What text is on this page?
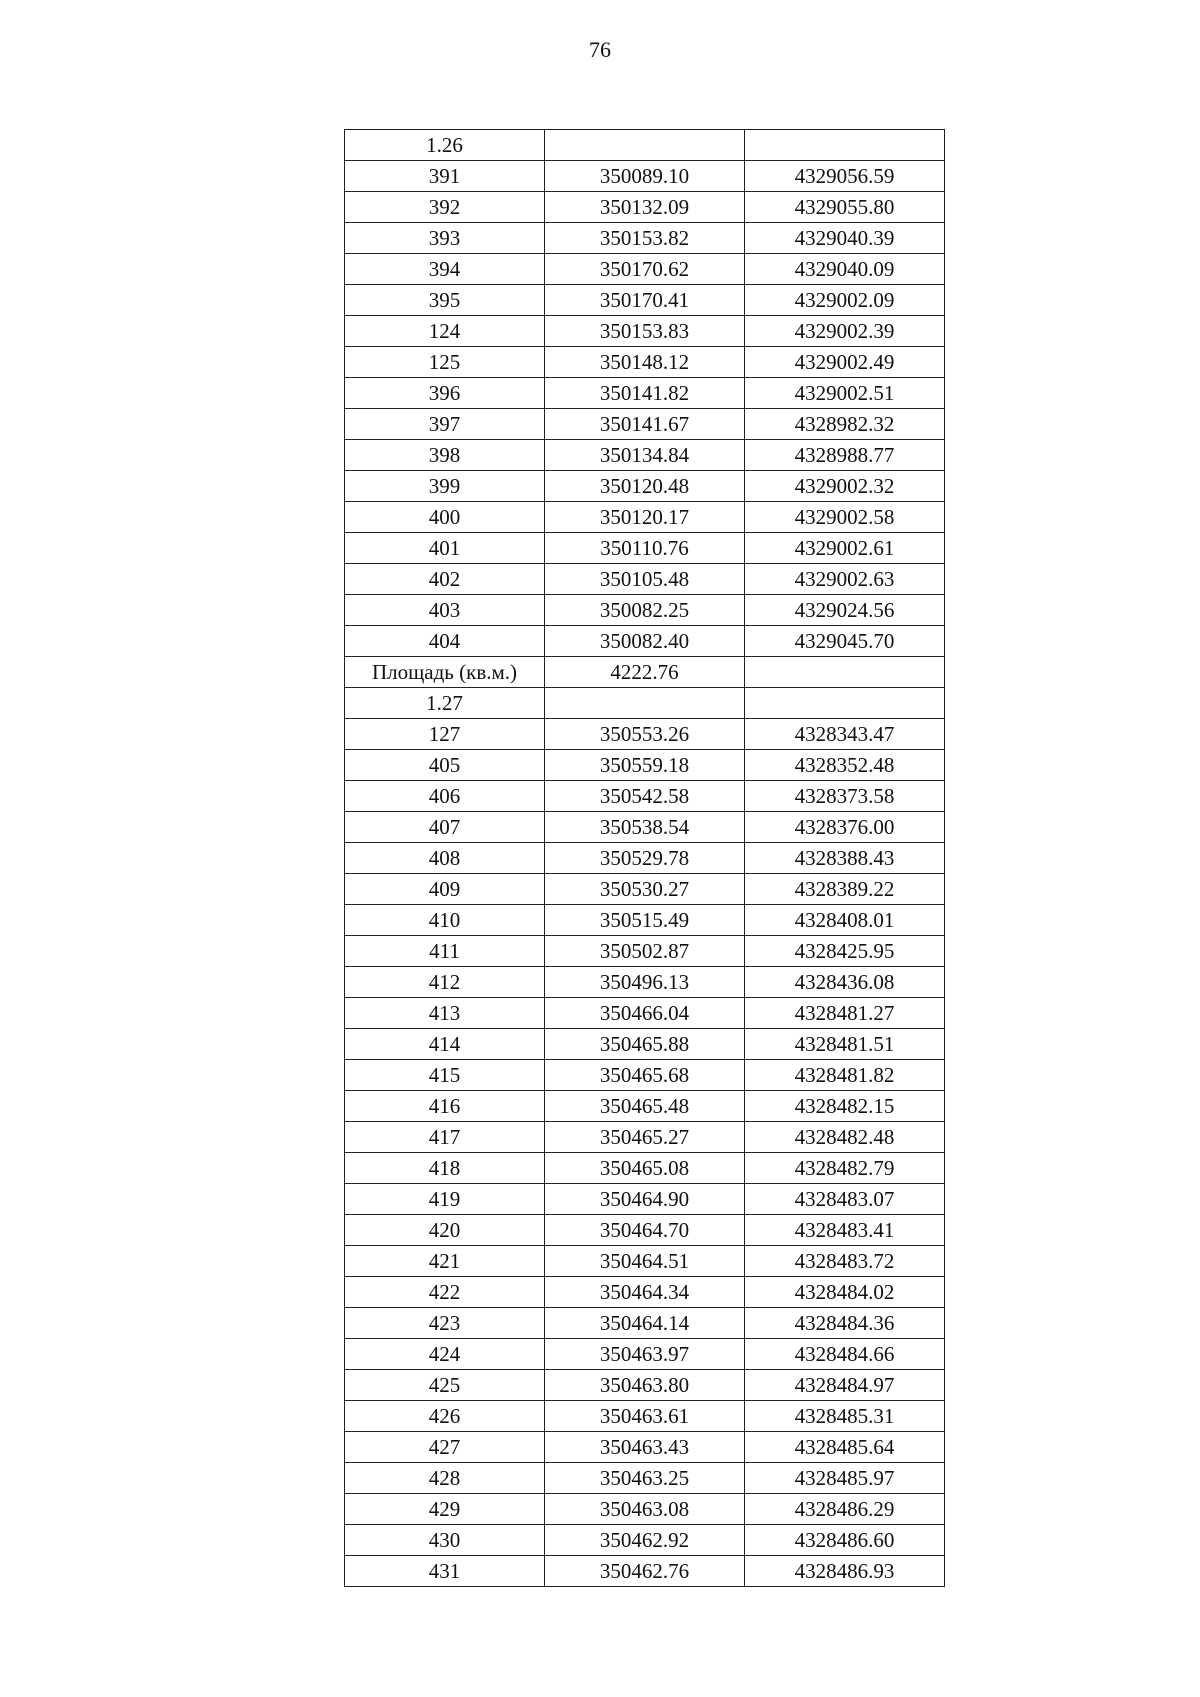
76
1.26		
391	350089.10	4329056.59
392	350132.09	4329055.80
393	350153.82	4329040.39
394	350170.62	4329040.09
395	350170.41	4329002.09
124	350153.83	4329002.39
125	350148.12	4329002.49
396	350141.82	4329002.51
397	350141.67	4328982.32
398	350134.84	4328988.77
399	350120.48	4329002.32
400	350120.17	4329002.58
401	350110.76	4329002.61
402	350105.48	4329002.63
403	350082.25	4329024.56
404	350082.40	4329045.70
Площадь (кв.м.)	4222.76	
1.27		
127	350553.26	4328343.47
405	350559.18	4328352.48
406	350542.58	4328373.58
407	350538.54	4328376.00
408	350529.78	4328388.43
409	350530.27	4328389.22
410	350515.49	4328408.01
411	350502.87	4328425.95
412	350496.13	4328436.08
413	350466.04	4328481.27
414	350465.88	4328481.51
415	350465.68	4328481.82
416	350465.48	4328482.15
417	350465.27	4328482.48
418	350465.08	4328482.79
419	350464.90	4328483.07
420	350464.70	4328483.41
421	350464.51	4328483.72
422	350464.34	4328484.02
423	350464.14	4328484.36
424	350463.97	4328484.66
425	350463.80	4328484.97
426	350463.61	4328485.31
427	350463.43	4328485.64
428	350463.25	4328485.97
429	350463.08	4328486.29
430	350462.92	4328486.60
431	350462.76	4328486.93
